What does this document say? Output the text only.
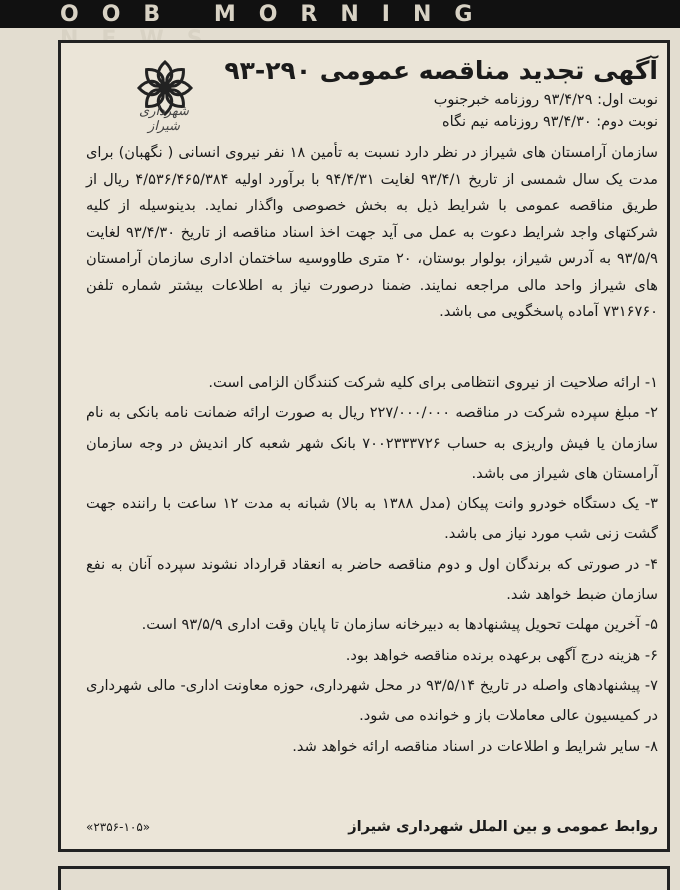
OOB MORNING
شهرداری شیراز
آگهی تجدید مناقصه عمومی ۲۹۰-۹۳
نوبت اول: ۹۳/۴/۲۹ روزنامه خبرجنوب
نوبت دوم: ۹۳/۴/۳۰ روزنامه نیم نگاه
سازمان آرامستان های شیراز در نظر دارد نسبت به تأمین ۱۸ نفر نیروی انسانی ( نگهبان) برای مدت یک سال شمسی از تاریخ ۹۳/۴/۱ لغایت ۹۴/۴/۳۱ با برآورد اولیه ۴/۵۳۶/۴۶۵/۳۸۴ ریال از طریق مناقصه عمومی با شرایط ذیل به بخش خصوصی واگذار نماید. بدینوسیله از کلیه شرکتهای واجد شرایط دعوت به عمل می آید جهت اخذ اسناد مناقصه از تاریخ ۹۳/۴/۳۰ لغایت ۹۳/۵/۹ به آدرس شیراز، بولوار بوستان، ۲۰ متری طاووسیه ساختمان اداری سازمان آرامستان های شیراز واحد مالی مراجعه نمایند. ضمنا درصورت نیاز به اطلاعات بیشتر شماره تلفن ۷۳۱۶۷۶۰ آماده پاسخگویی می باشد.
۱- ارائه صلاحیت از نیروی انتظامی برای کلیه شرکت کنندگان الزامی است.
۲- مبلغ سپرده شرکت در مناقصه ۲۲۷/۰۰۰/۰۰۰ ریال به صورت ارائه ضمانت نامه بانکی به نام سازمان یا فیش واریزی به حساب ۷۰۰۲۳۳۳۷۲۶ بانک شهر شعبه کار اندیش در وجه سازمان آرامستان های شیراز می باشد.
۳- یک دستگاه خودرو وانت پیکان (مدل ۱۳۸۸ به بالا) شبانه به مدت ۱۲ ساعت با راننده جهت گشت زنی شب مورد نیاز می باشد.
۴- در صورتی که برندگان اول و دوم مناقصه حاضر به انعقاد قرارداد نشوند سپرده آنان به نفع سازمان ضبط خواهد شد.
۵- آخرین مهلت تحویل پیشنهادها به دبیرخانه سازمان تا پایان وقت اداری ۹۳/۵/۹ است.
۶- هزینه درج آگهی برعهده برنده مناقصه خواهد بود.
۷- پیشنهادهای واصله در تاریخ ۹۳/۵/۱۴ در محل شهرداری، حوزه معاونت اداری- مالی شهرداری در کمیسیون عالی معاملات باز و خوانده می شود.
۸- سایر شرایط و اطلاعات در اسناد مناقصه ارائه خواهد شد.
روابط عمومی و بین الملل شهرداری شیراز
«۲۳۵۶-۱۰۵»
